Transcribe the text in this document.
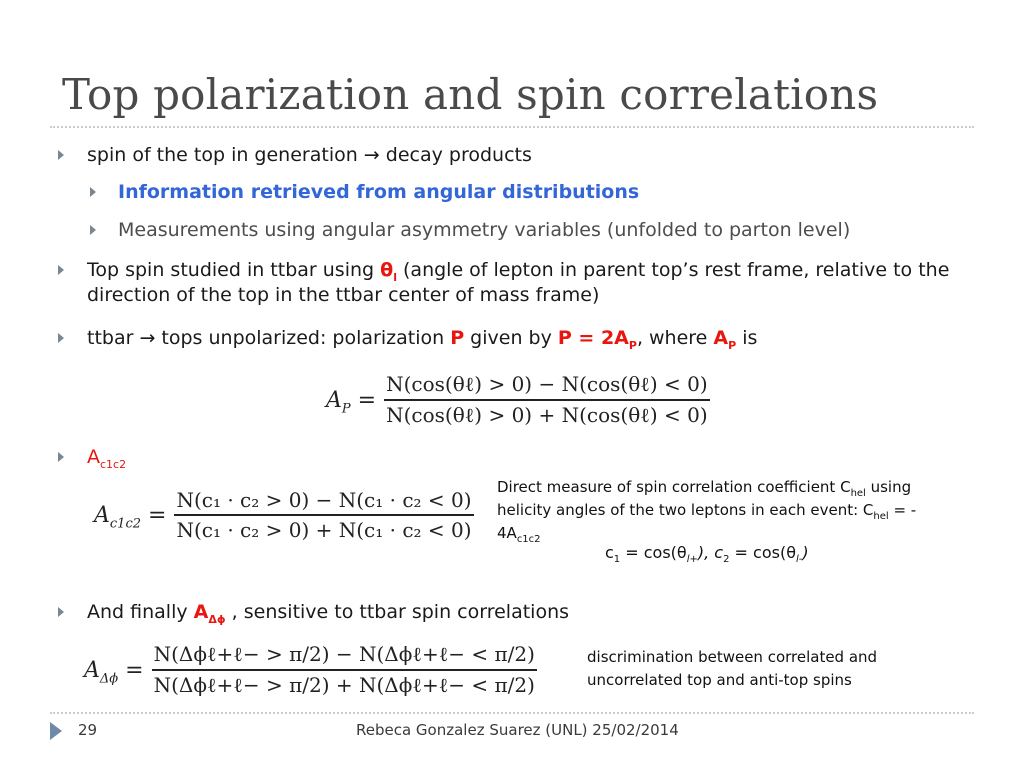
Top polarization and spin correlations
spin of the top in generation → decay products
Information retrieved from angular distributions
Measurements using angular asymmetry variables (unfolded to parton level)
Top spin studied in ttbar using $\theta_l$ (angle of lepton in parent top’s rest frame, relative to the direction of the top in the ttbar center of mass frame)
ttbar → tops unpolarized: polarization P given by $P = 2A_P$, where $A_P$ is
$A_P = \frac{\text{N(cos(θℓ) > 0) − N(cos(θℓ) < 0)}}{\text{N(cos(θℓ) > 0) + N(cos(θℓ) < 0)}}$
$A_{c1c2}$
$A_{c1c2} = \frac{\text{N(c₁ · c₂ > 0) − N(c₁ · c₂ < 0)}}{\text{N(c₁ · c₂ > 0) + N(c₁ · c₂ < 0)}}$
Direct measure of spin correlation coefficient $C_{hel}$ using
helicity angles of the two leptons in each event: $C_{hel}$ = -
$4A_{c1c2}$
$c_1 = \cos(\theta_{l+})$, $c_2 = \cos(\theta_{l-})$
And finally $A_{\Delta\phi}$ , sensitive to ttbar spin correlations
$A_{\Delta\phi} = \frac{\text{N(Δϕℓ+ℓ− > π/2) − N(Δϕℓ+ℓ− < π/2)}}{\text{N(Δϕℓ+ℓ− > π/2) + N(Δϕℓ+ℓ− < π/2)}}$	discrimination between correlated and
uncorrelated top and anti-top spins
29	Rebeca Gonzalez Suarez (UNL) 25/02/2014
